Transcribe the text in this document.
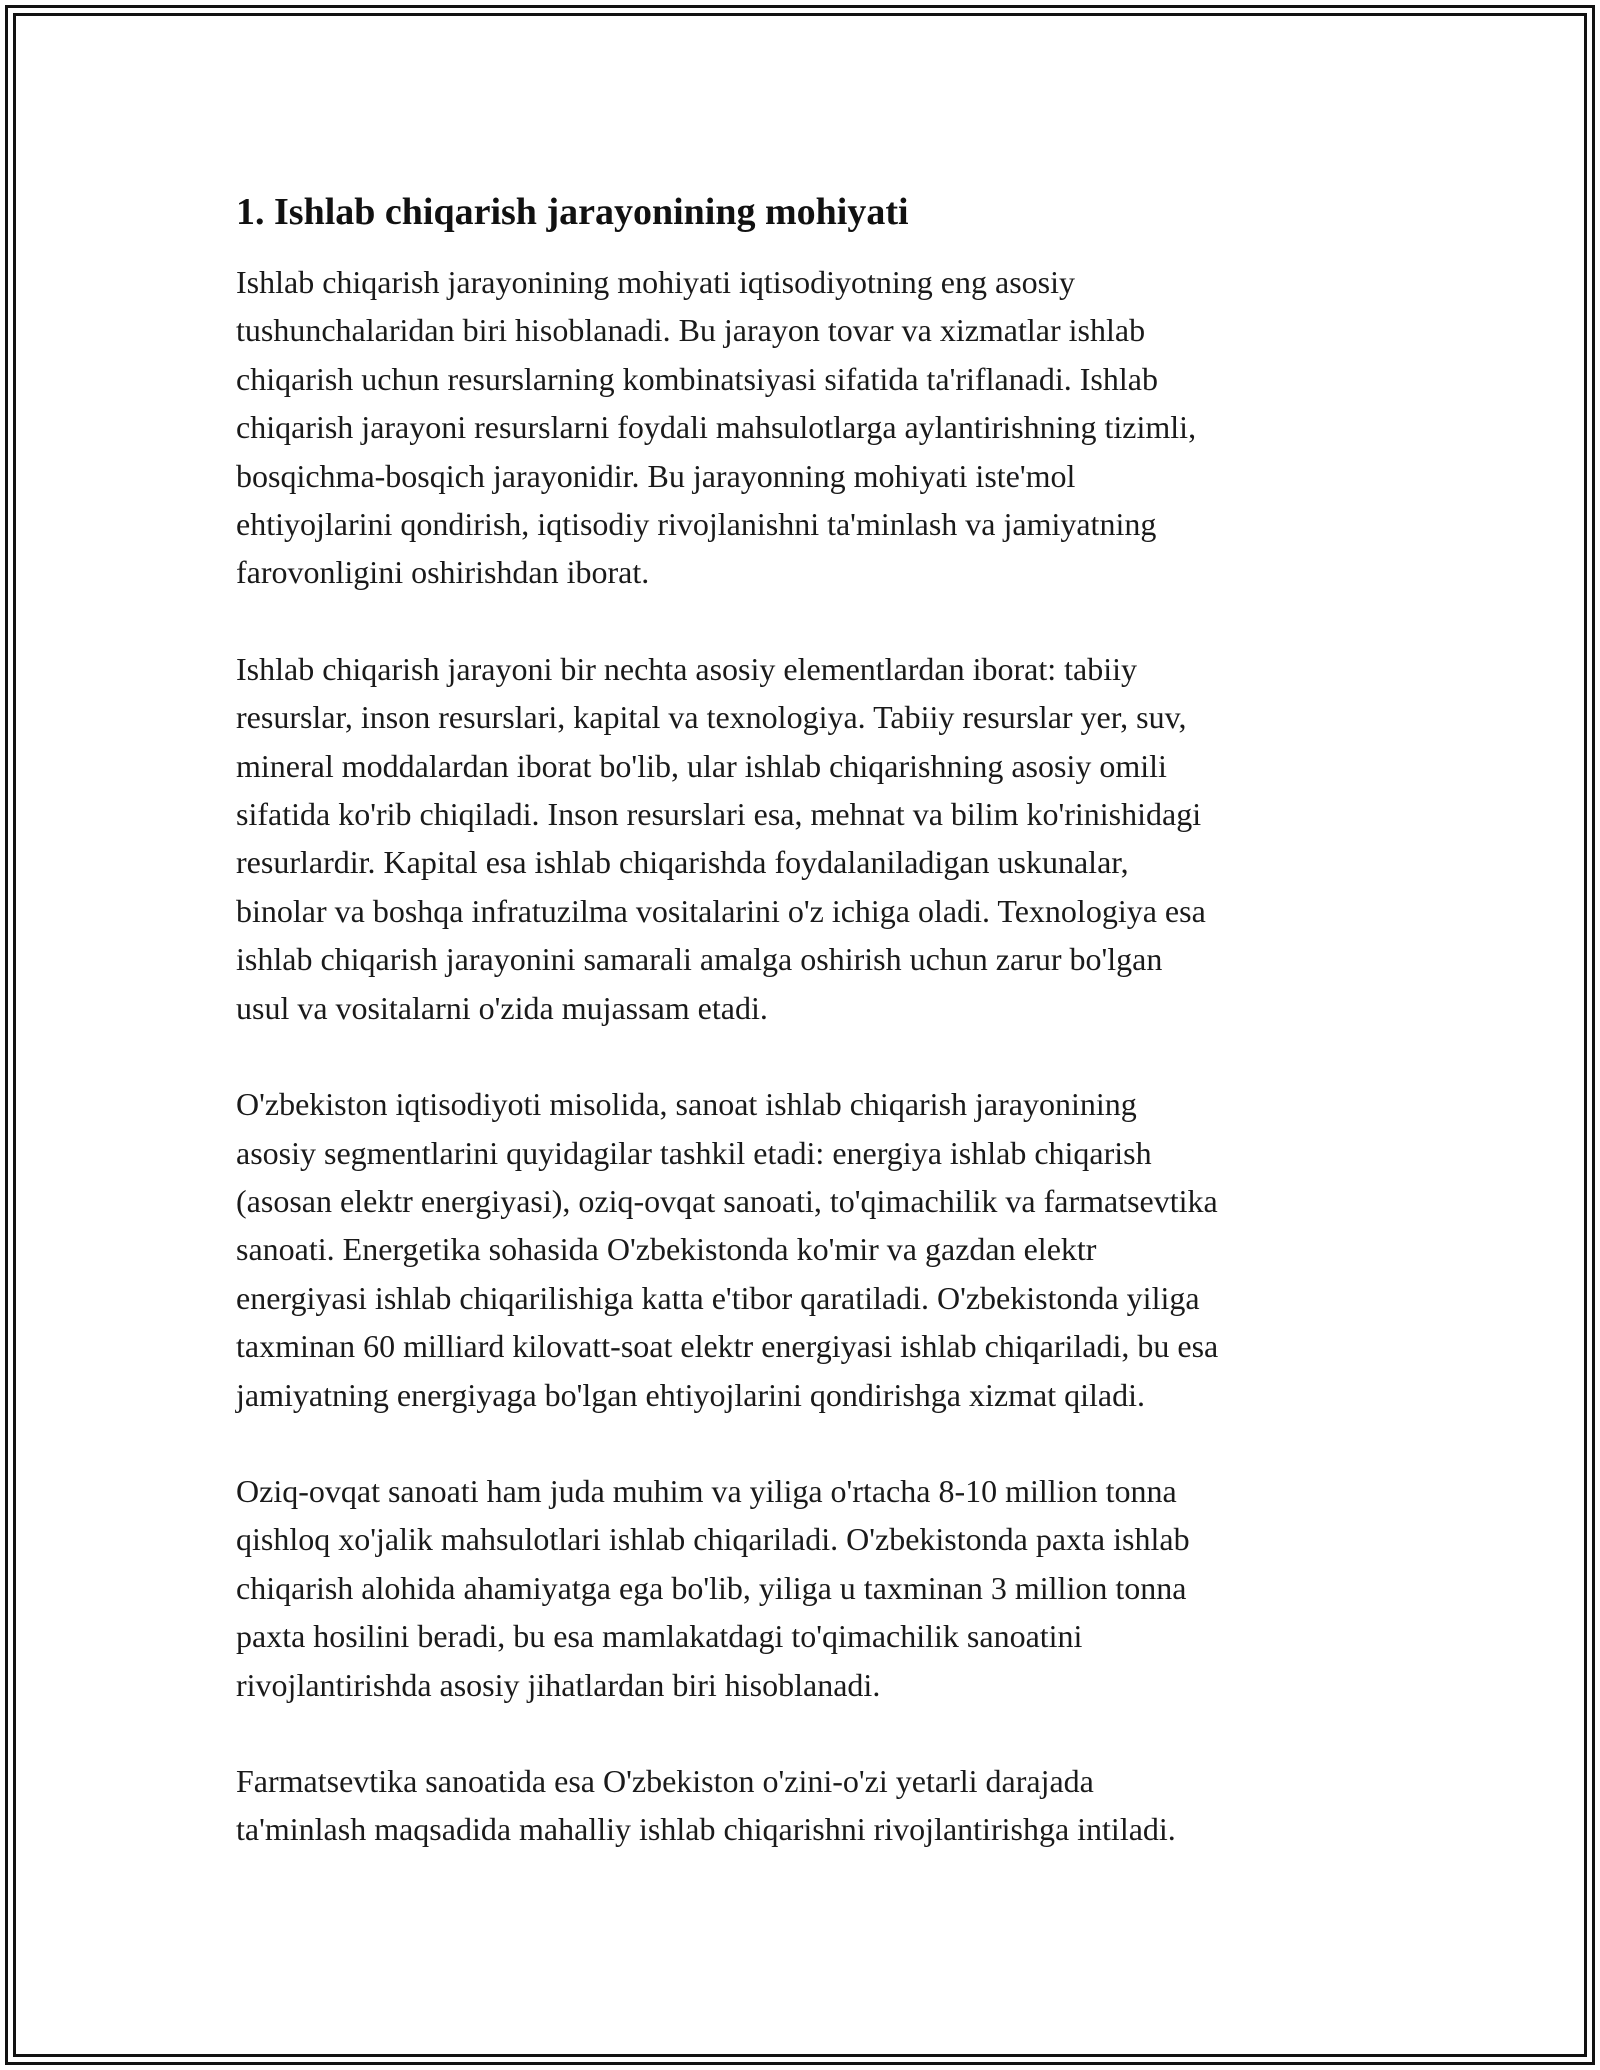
1. Ishlab chiqarish jarayonining mohiyati

Ishlab chiqarish jarayonining mohiyati iqtisodiyotning eng asosiy
tushunchalaridan biri hisoblanadi. Bu jarayon tovar va xizmatlar ishlab
chiqarish uchun resurslarning kombinatsiyasi sifatida ta'riflanadi. Ishlab
chiqarish jarayoni resurslarni foydali mahsulotlarga aylantirishning tizimli,
bosqichma-bosqich jarayonidir. Bu jarayonning mohiyati iste'mol
ehtiyojlarini qondirish, iqtisodiy rivojlanishni ta'minlash va jamiyatning
farovonligini oshirishdan iborat.

Ishlab chiqarish jarayoni bir nechta asosiy elementlardan iborat: tabiiy
resurslar, inson resurslari, kapital va texnologiya. Tabiiy resurslar yer, suv,
mineral moddalardan iborat bo'lib, ular ishlab chiqarishning asosiy omili
sifatida ko'rib chiqiladi. Inson resurslari esa, mehnat va bilim ko'rinishidagi
resurlardir. Kapital esa ishlab chiqarishda foydalaniladigan uskunalar,
binolar va boshqa infratuzilma vositalarini o'z ichiga oladi. Texnologiya esa
ishlab chiqarish jarayonini samarali amalga oshirish uchun zarur bo'lgan
usul va vositalarni o'zida mujassam etadi.

O'zbekiston iqtisodiyoti misolida, sanoat ishlab chiqarish jarayonining
asosiy segmentlarini quyidagilar tashkil etadi: energiya ishlab chiqarish
(asosan elektr energiyasi), oziq-ovqat sanoati, to'qimachilik va farmatsevtika
sanoati. Energetika sohasida O'zbekistonda ko'mir va gazdan elektr
energiyasi ishlab chiqarilishiga katta e'tibor qaratiladi. O'zbekistonda yiliga
taxminan 60 milliard kilovatt-soat elektr energiyasi ishlab chiqariladi, bu esa
jamiyatning energiyaga bo'lgan ehtiyojlarini qondirishga xizmat qiladi.

Oziq-ovqat sanoati ham juda muhim va yiliga o'rtacha 8-10 million tonna
qishloq xo'jalik mahsulotlari ishlab chiqariladi. O'zbekistonda paxta ishlab
chiqarish alohida ahamiyatga ega bo'lib, yiliga u taxminan 3 million tonna
paxta hosilini beradi, bu esa mamlakatdagi to'qimachilik sanoatini
rivojlantirishda asosiy jihatlardan biri hisoblanadi.

Farmatsevtika sanoatida esa O'zbekiston o'zini-o'zi yetarli darajada
ta'minlash maqsadida mahalliy ishlab chiqarishni rivojlantirishga intiladi.
